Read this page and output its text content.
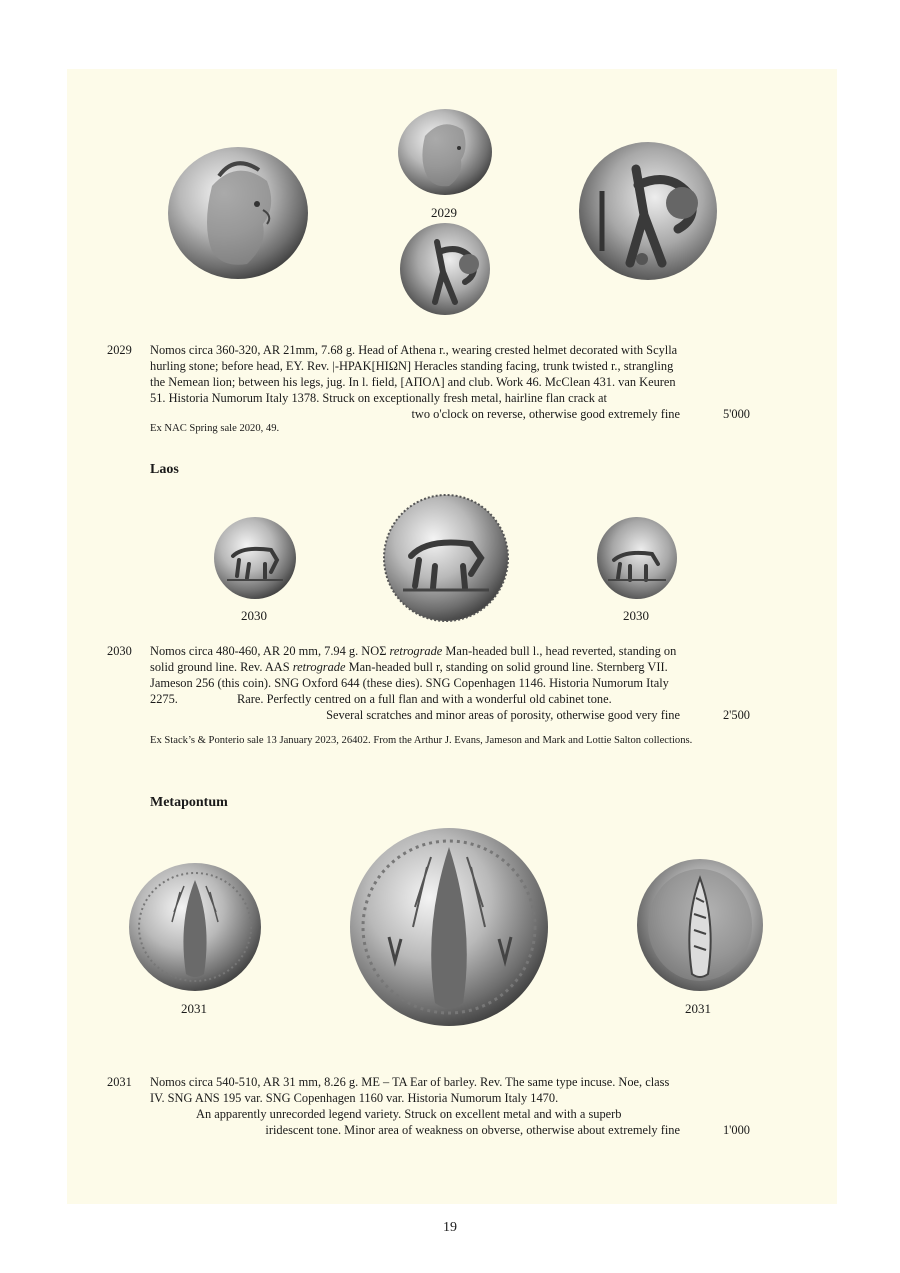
2029
2029 Nomos circa 360-320, AR 21mm, 7.68 g. Head of Athena r., wearing crested helmet decorated with Scylla
hurling stone; before head, EY. Rev. |-HPAK[HIΩN] Heracles standing facing, trunk twisted r., strangling
the Nemean lion; between his legs, jug. In l. field, [AΠOΛ] and club. Work 46. McClean 431. van Keuren
51. Historia Numorum Italy 1378. Struck on exceptionally fresh metal, hairline flan crack at
two o'clock on reverse, otherwise good extremely fine	5'000
Ex NAC Spring sale 2020, 49.
Laos
2030	2030
2030 Nomos circa 480-460, AR 20 mm, 7.94 g. NOΣ retrograde Man-headed bull l., head reverted, standing on
solid ground line. Rev. AAS retrograde Man-headed bull r, standing on solid ground line. Sternberg VII.
Jameson 256 (this coin). SNG Oxford 644 (these dies). SNG Copenhagen 1146. Historia Numorum Italy
2275.	Rare. Perfectly centred on a full flan and with a wonderful old cabinet tone.
Several scratches and minor areas of porosity, otherwise good very fine	2'500
Ex Stack’s & Ponterio sale 13 January 2023, 26402. From the Arthur J. Evans, Jameson and Mark and Lottie Salton collections.
Metapontum
2031	2031
2031 Nomos circa 540-510, AR 31 mm, 8.26 g. ME – TA Ear of barley. Rev. The same type incuse. Noe, class
IV. SNG ANS 195 var. SNG Copenhagen 1160 var. Historia Numorum Italy 1470.
An apparently unrecorded legend variety. Struck on excellent metal and with a superb
iridescent tone. Minor area of weakness on obverse, otherwise about extremely fine	1'000
19
